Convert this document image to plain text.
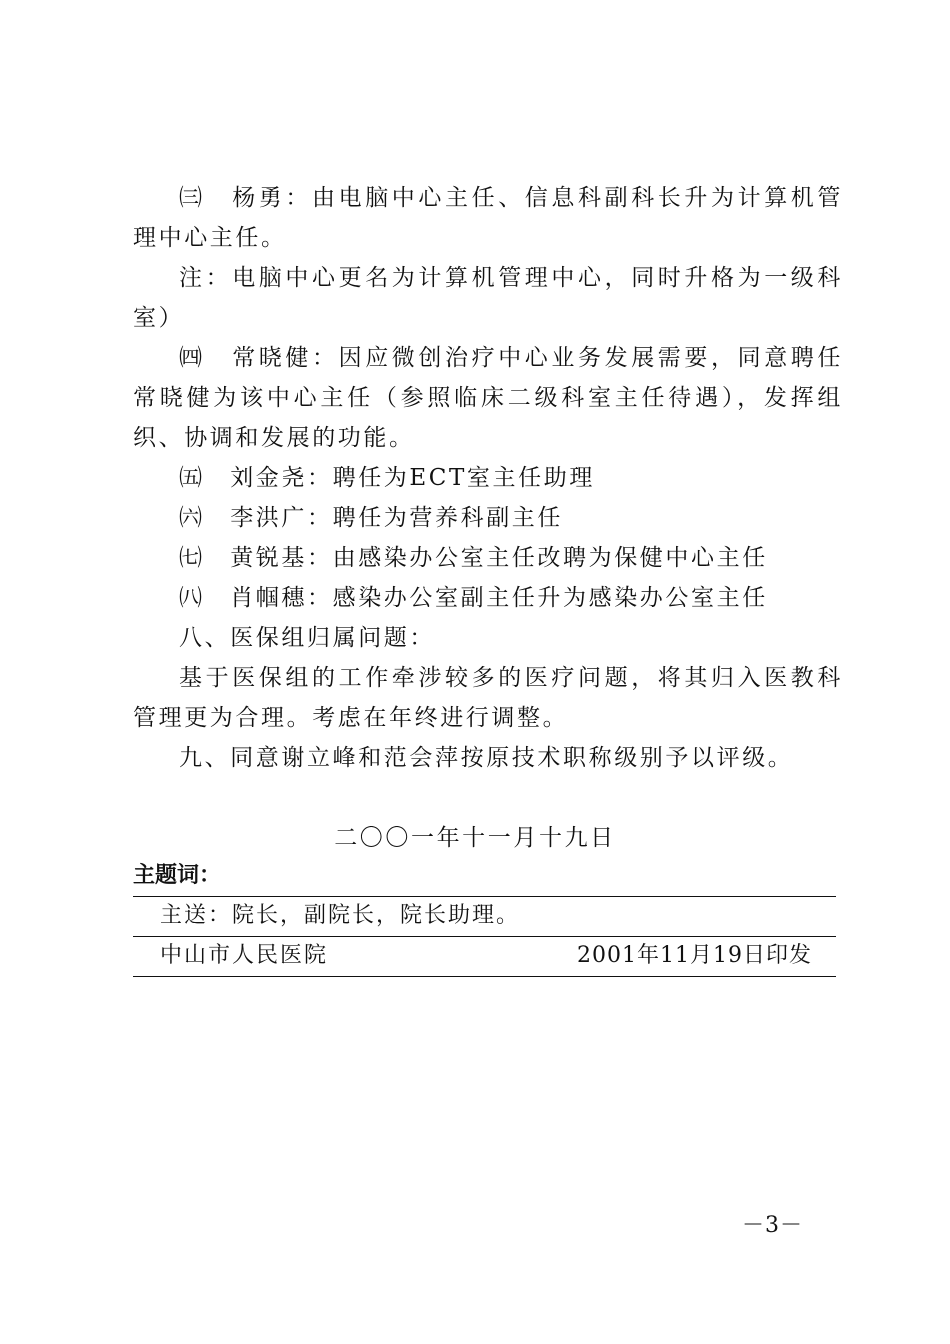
㈢　杨勇：由电脑中心主任、信息科副科长升为计算机管理中心主任。

注：电脑中心更名为计算机管理中心，同时升格为一级科室）

㈣　常晓健：因应微创治疗中心业务发展需要，同意聘任常晓健为该中心主任（参照临床二级科室主任待遇），发挥组织、协调和发展的功能。

㈤　刘金尧：聘任为ECT室主任助理

㈥　李洪广：聘任为营养科副主任

㈦　黄锐基：由感染办公室主任改聘为保健中心主任

㈧　肖帼穗：感染办公室副主任升为感染办公室主任

八、医保组归属问题：

基于医保组的工作牵涉较多的医疗问题，将其归入医教科管理更为合理。考虑在年终进行调整。

九、同意谢立峰和范会萍按原技术职称级别予以评级。

二〇〇一年十一月十九日
主题词：
主送：院长，副院长，院长助理。
中山市人民医院	2001年11月19日印发
－3－
